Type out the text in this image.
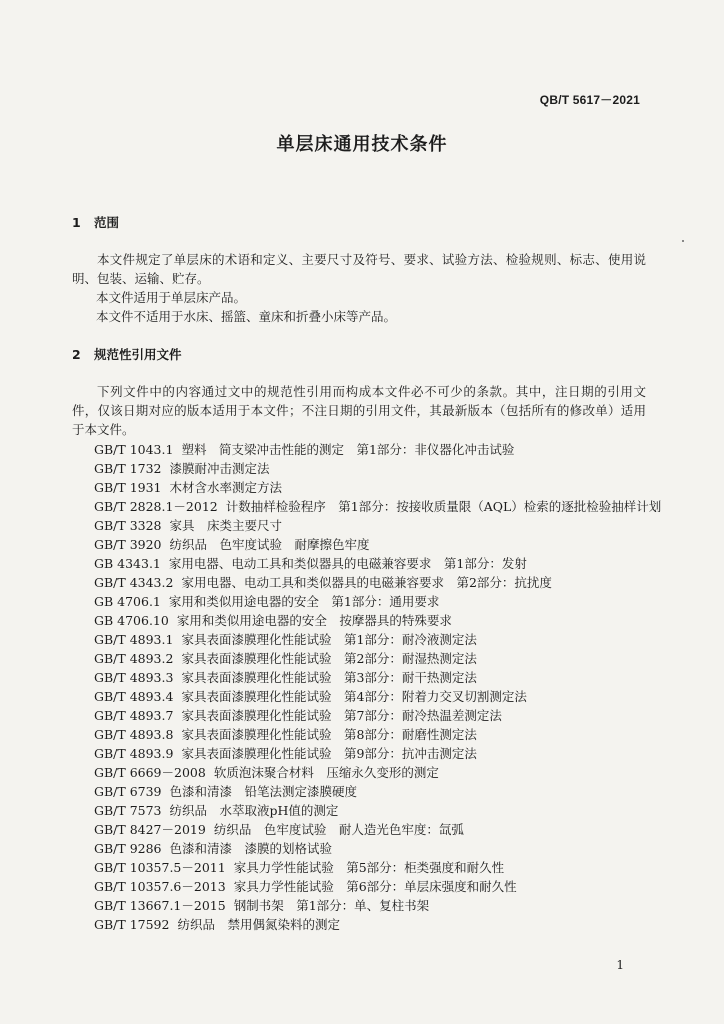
QB/T 5617－2021
单层床通用技术条件
1 范围
本文件规定了单层床的术语和定义、主要尺寸及符号、要求、试验方法、检验规则、标志、使用说明、包装、运输、贮存。
本文件适用于单层床产品。
本文件不适用于水床、摇篮、童床和折叠小床等产品。
2 规范性引用文件
下列文件中的内容通过文中的规范性引用而构成本文件必不可少的条款。其中，注日期的引用文件，仅该日期对应的版本适用于本文件；不注日期的引用文件，其最新版本（包括所有的修改单）适用于本文件。
GB/T 1043.1 塑料　简支梁冲击性能的测定　第1部分：非仪器化冲击试验
GB/T 1732 漆膜耐冲击测定法
GB/T 1931 木材含水率测定方法
GB/T 2828.1－2012 计数抽样检验程序　第1部分：按接收质量限（AQL）检索的逐批检验抽样计划
GB/T 3328 家具　床类主要尺寸
GB/T 3920 纺织品　色牢度试验　耐摩擦色牢度
GB 4343.1 家用电器、电动工具和类似器具的电磁兼容要求　第1部分：发射
GB/T 4343.2 家用电器、电动工具和类似器具的电磁兼容要求　第2部分：抗扰度
GB 4706.1 家用和类似用途电器的安全　第1部分：通用要求
GB 4706.10 家用和类似用途电器的安全　按摩器具的特殊要求
GB/T 4893.1 家具表面漆膜理化性能试验　第1部分：耐冷液测定法
GB/T 4893.2 家具表面漆膜理化性能试验　第2部分：耐湿热测定法
GB/T 4893.3 家具表面漆膜理化性能试验　第3部分：耐干热测定法
GB/T 4893.4 家具表面漆膜理化性能试验　第4部分：附着力交叉切割测定法
GB/T 4893.7 家具表面漆膜理化性能试验　第7部分：耐冷热温差测定法
GB/T 4893.8 家具表面漆膜理化性能试验　第8部分：耐磨性测定法
GB/T 4893.9 家具表面漆膜理化性能试验　第9部分：抗冲击测定法
GB/T 6669－2008 软质泡沫聚合材料　压缩永久变形的测定
GB/T 6739 色漆和清漆　铅笔法测定漆膜硬度
GB/T 7573 纺织品　水萃取液pH值的测定
GB/T 8427－2019 纺织品　色牢度试验　耐人造光色牢度：氙弧
GB/T 9286 色漆和清漆　漆膜的划格试验
GB/T 10357.5－2011 家具力学性能试验　第5部分：柜类强度和耐久性
GB/T 10357.6－2013 家具力学性能试验　第6部分：单层床强度和耐久性
GB/T 13667.1－2015 钢制书架　第1部分：单、复柱书架
GB/T 17592 纺织品　禁用偶氮染料的测定
1
